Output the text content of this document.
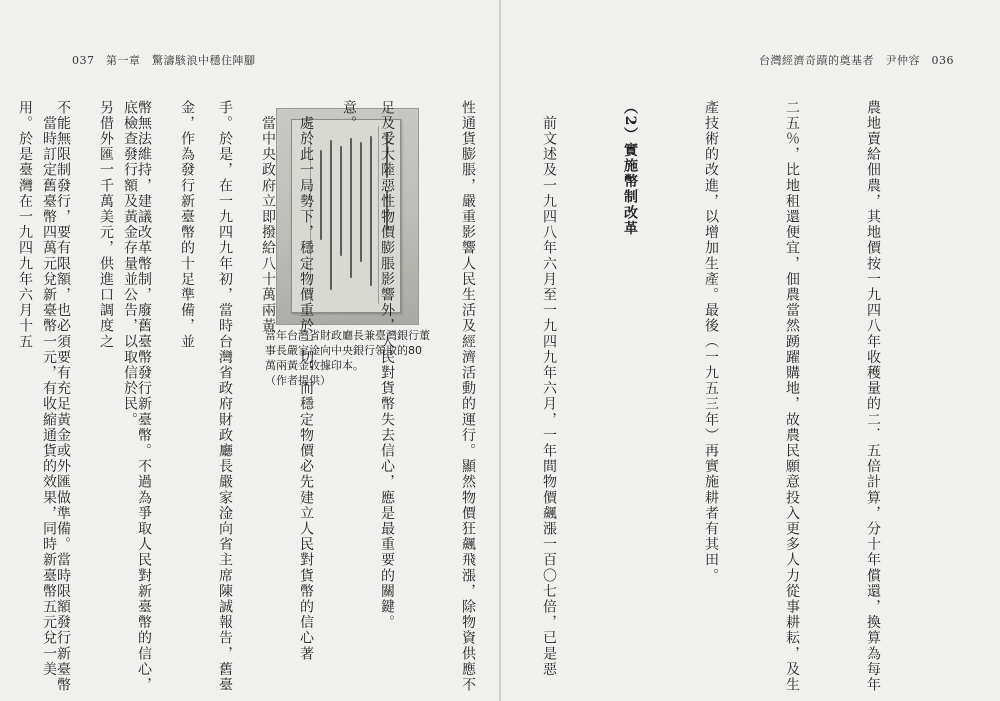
037　 第一章　 驚濤駭浪中穩住陣腳
當年台灣省財政廳長兼臺灣銀行董事長嚴家淦向中央銀行領取的80萬兩黃金收據印本。
（作者提供）

意。

　當中央政府立即撥給八十萬兩黃

金，作為發行新臺幣的十足準備，並

另借外匯一千萬美元，供進口調度之

用。於是臺灣在一九四九年六月十五

	底檢查發行額及黃金存量並公告，以取信於民。

　當時訂定舊臺幣四萬元兌新臺幣一元，有收縮通貨的效果，同時新臺幣五元兌一美

台灣經濟奇蹟的奠基者　 尹仲容　 036

農地賣給佃農，其地價按一九四八年收穫量的二．五倍計算，分十年償還，換算為每年

二五％，比地租還便宜，佃農當然踴躍購地，故農民願意投入更多人力從事耕耘，及生

產技術的改進，以增加生產。最後（一九五三年）再實施耕者有其田。

（2）實施幣制改革

　前文述及一九四八年六月至一九四九年六月，一年間物價飆漲一百〇七倍，已是惡

性通貨膨脹，嚴重影響人民生活及經濟活動的運行。顯然物價狂飆飛漲，除物資供應不

足及受大陸惡性物價膨脹影響外，人民對貨幣失去信心，應是最重要的關鍵。

　處於此一局勢下，穩定物價重於一切，而穩定物價必先建立人民對貨幣的信心著

手。於是，在一九四九年初，當時台灣省政府財政廳長嚴家淦向省主席陳誠報告，舊臺

幣無法維持，建議改革幣制，廢舊臺幣發行新臺幣。不過為爭取人民對新臺幣的信心，

不能無限制發行，要有限額，也必須要有充足黃金或外匯做準備。當時限額發行新臺幣
